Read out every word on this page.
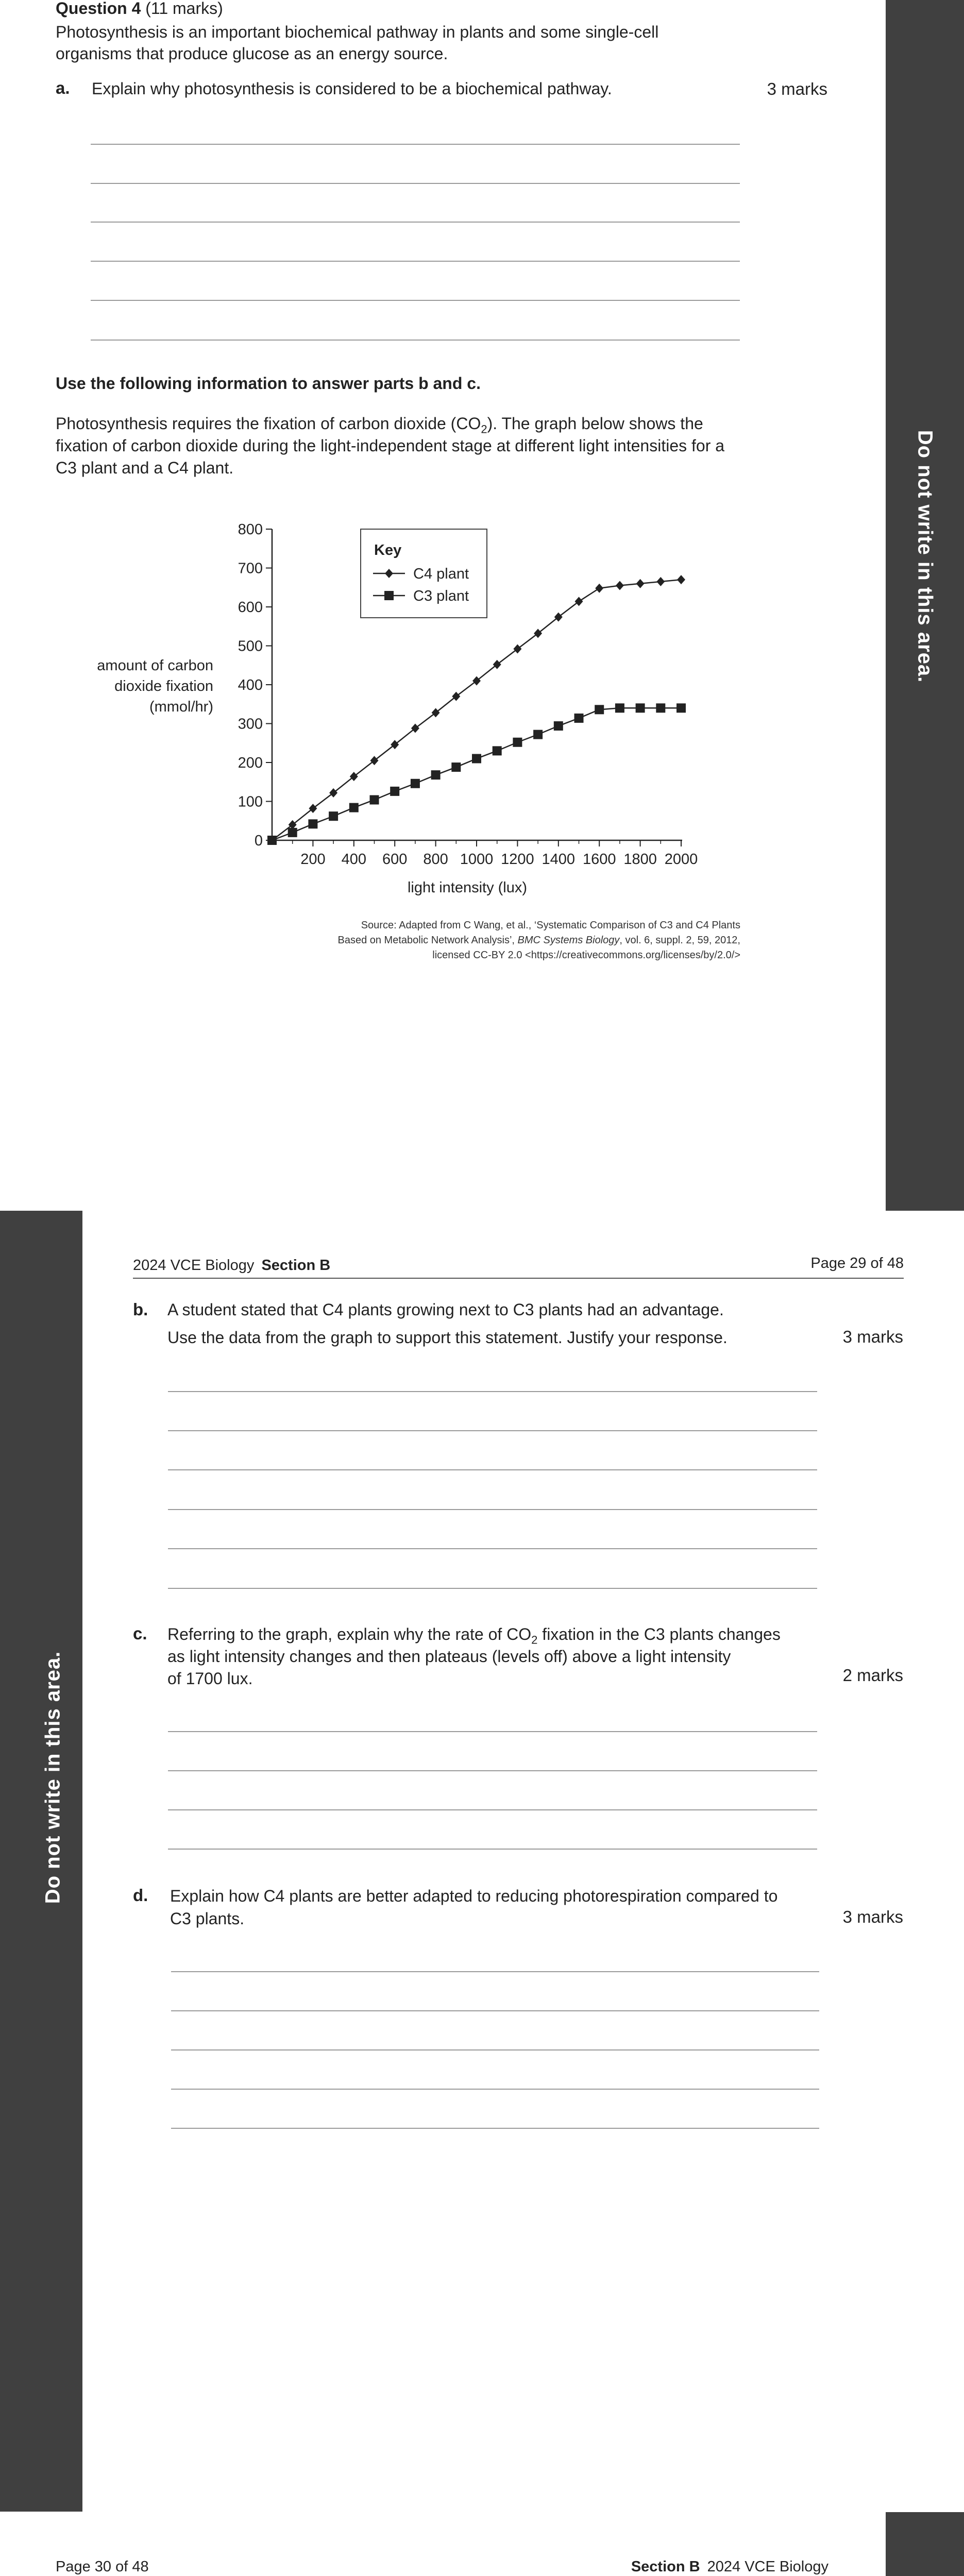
Do not write in this area.
Question 4 (11 marks)
Photosynthesis is an important biochemical pathway in plants and some single-cell
organisms that produce glucose as an energy source.
a. Explain why photosynthesis is considered to be a biochemical pathway.	3 marks
Use the following information to answer parts b and c.
Photosynthesis requires the fixation of carbon dioxide $(CO_2)$. The graph below shows the
fixation of carbon dioxide during the light-independent stage at different light intensities for a
C3 plant and a C4 plant.
0
100
200
300
400
500
600
700
800
200 400 600 800 1000 1200 1400 1600 1800 2000
amount of carbon
dioxide fixation
(mmol/hr)
light intensity (lux)
Key
C4 plant
C3 plant
Source: Adapted from C Wang, et al., ‘Systematic Comparison of C3 and C4 Plants
Based on Metabolic Network Analysis’, BMC Systems Biology, vol. 6, suppl. 2, 59, 2012,
licensed CC-BY 2.0 <https://creativecommons.org/licenses/by/2.0/>
Do not write in this area.
2024 VCE Biology Section B	Page 29 of 48
b. A student stated that C4 plants growing next to C3 plants had an advantage.
Use the data from the graph to support this statement. Justify your response.	3 marks
c. Referring to the graph, explain why the rate of $CO_2$ fixation in the C3 plants changes
as light intensity changes and then plateaus (levels off) above a light intensity
of 1700 lux.	2 marks
d. Explain how C4 plants are better adapted to reducing photorespiration compared to
C3 plants.	3 marks
Page 30 of 48	Section B 2024 VCE Biology
